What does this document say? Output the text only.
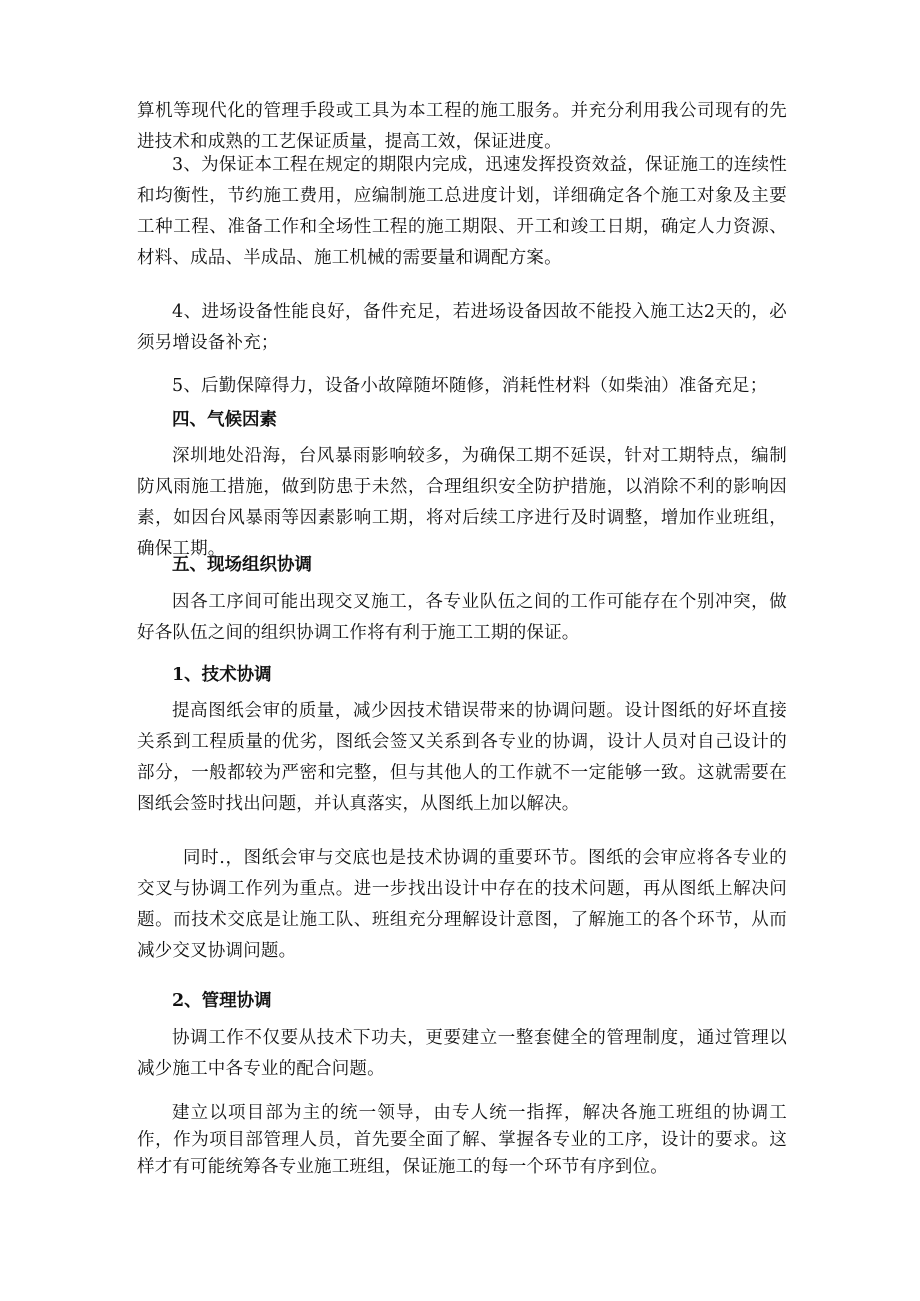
算机等现代化的管理手段或工具为本工程的施工服务。并充分利用我公司现有的先进技术和成熟的工艺保证质量，提高工效，保证进度。

3、为保证本工程在规定的期限内完成，迅速发挥投资效益，保证施工的连续性和均衡性，节约施工费用，应编制施工总进度计划，详细确定各个施工对象及主要工种工程、准备工作和全场性工程的施工期限、开工和竣工日期，确定人力资源、材料、成品、半成品、施工机械的需要量和调配方案。

4、进场设备性能良好，备件充足，若进场设备因故不能投入施工达2天的，必须另增设备补充；

5、后勤保障得力，设备小故障随坏随修，消耗性材料（如柴油）准备充足；

四、气候因素

深圳地处沿海，台风暴雨影响较多，为确保工期不延误，针对工期特点，编制防风雨施工措施，做到防患于未然，合理组织安全防护措施，以消除不利的影响因素，如因台风暴雨等因素影响工期，将对后续工序进行及时调整，增加作业班组，确保工期。

五、现场组织协调

因各工序间可能出现交叉施工，各专业队伍之间的工作可能存在个别冲突，做好各队伍之间的组织协调工作将有利于施工工期的保证。

1、技术协调

提高图纸会审的质量，减少因技术错误带来的协调问题。设计图纸的好坏直接关系到工程质量的优劣，图纸会签又关系到各专业的协调，设计人员对自己设计的部分，一般都较为严密和完整，但与其他人的工作就不一定能够一致。这就需要在图纸会签时找出问题，并认真落实，从图纸上加以解决。

同时.，图纸会审与交底也是技术协调的重要环节。图纸的会审应将各专业的交叉与协调工作列为重点。进一步找出设计中存在的技术问题，再从图纸上解决问题。而技术交底是让施工队、班组充分理解设计意图，了解施工的各个环节，从而减少交叉协调问题。

2、管理协调

协调工作不仅要从技术下功夫，更要建立一整套健全的管理制度，通过管理以减少施工中各专业的配合问题。

建立以项目部为主的统一领导，由专人统一指挥，解决各施工班组的协调工作，作为项目部管理人员，首先要全面了解、掌握各专业的工序，设计的要求。这样才有可能统筹各专业施工班组，保证施工的每一个环节有序到位。
